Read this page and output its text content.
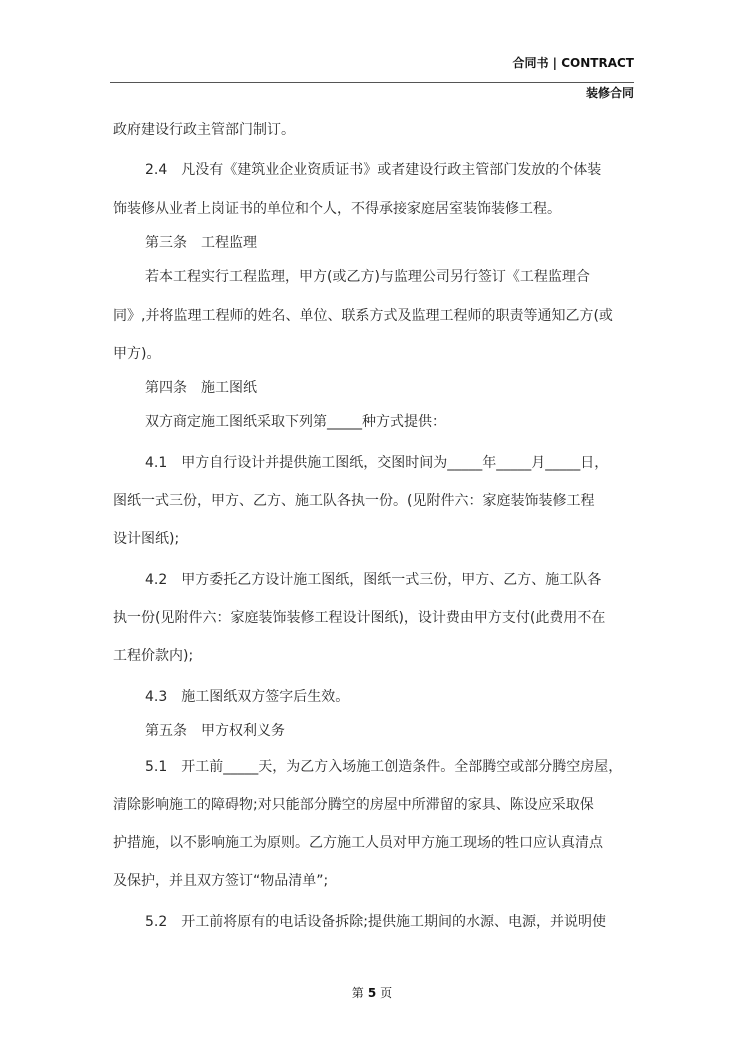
合同书 | CONTRACT
装修合同
政府建设行政主管部门制订。
2.4 凡没有《建筑业企业资质证书》或者建设行政主管部门发放的个体装
饰装修从业者上岗证书的单位和个人，不得承接家庭居室装饰装修工程。
第三条　工程监理
若本工程实行工程监理，甲方(或乙方)与监理公司另行签订《工程监理合
同》,并将监理工程师的姓名、单位、联系方式及监理工程师的职责等通知乙方(或
甲方)。
第四条　施工图纸
双方商定施工图纸采取下列第_____种方式提供：
4.1 甲方自行设计并提供施工图纸，交图时间为_____年_____月_____日，
图纸一式三份，甲方、乙方、施工队各执一份。(见附件六：家庭装饰装修工程
设计图纸);
4.2 甲方委托乙方设计施工图纸，图纸一式三份，甲方、乙方、施工队各
执一份(见附件六：家庭装饰装修工程设计图纸)，设计费由甲方支付(此费用不在
工程价款内);
4.3 施工图纸双方签字后生效。
第五条　甲方权利义务
5.1 开工前_____天，为乙方入场施工创造条件。全部腾空或部分腾空房屋，
清除影响施工的障碍物;对只能部分腾空的房屋中所滞留的家具、陈设应采取保
护措施，以不影响施工为原则。乙方施工人员对甲方施工现场的牲口应认真清点
及保护，并且双方签订“物品清单”;
5.2 开工前将原有的电话设备拆除;提供施工期间的水源、电源，并说明使
第 5 页
